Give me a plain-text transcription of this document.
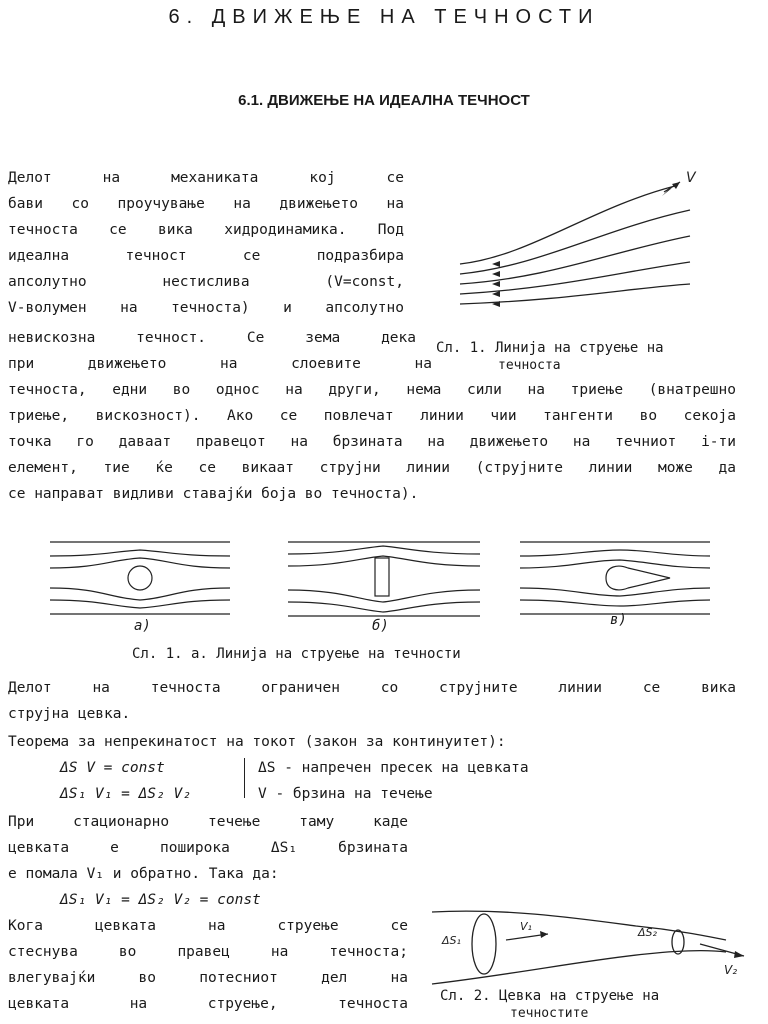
6. ДВИЖЕЊЕ НА ТЕЧНОСТИ
6.1. ДВИЖЕЊЕ НА ИДЕАЛНА ТЕЧНОСТ
Делот на механиката кој се
бави со проучување на движењето на
течноста се вика хидродинамика. Под
идеална течност се подразбира
апсолутно нестислива (V=const,
V-волумен на течноста) и апсолутно
невискозна течност. Се зема дека
при движењето на слоевите на
течноста, едни во однос на други, нема сили на триење (внатрешно
триење, вискозност). Ако се повлечат линии чии тангенти во секоја
точка го даваат правецот на брзината на движењето на течниот i-ти
елемент, тие ќе се викаат струјни линии (струјните линии може да
се направат видливи ставајќи боја во течноста).
V
Сл. 1. Линија на струење на
течноста
а)	б)	в)
Сл. 1. а. Линија на струење на течности
Делот на течноста ограничен со струјните линии се вика
струјна цевка.
Теорема за непрекинатост на токот (закон за континуитет):
ΔS V = const
ΔS₁ V₁ = ΔS₂ V₂
ΔS - напречен пресек на цевката
V - брзина на течење
При стационарно течење таму каде
цевката е поширока ΔS₁ брзината
е помала V₁ и обратно. Така да:
ΔS₁ V₁ = ΔS₂ V₂ = const
Кога цевката на струење се
стеснува во правец на течноста;
влегувајќи во потесниот дел на
цевката на струење, течноста
ΔS₁
V₁	ΔS₂
V₂
Сл. 2. Цевка на струење на
течностите
